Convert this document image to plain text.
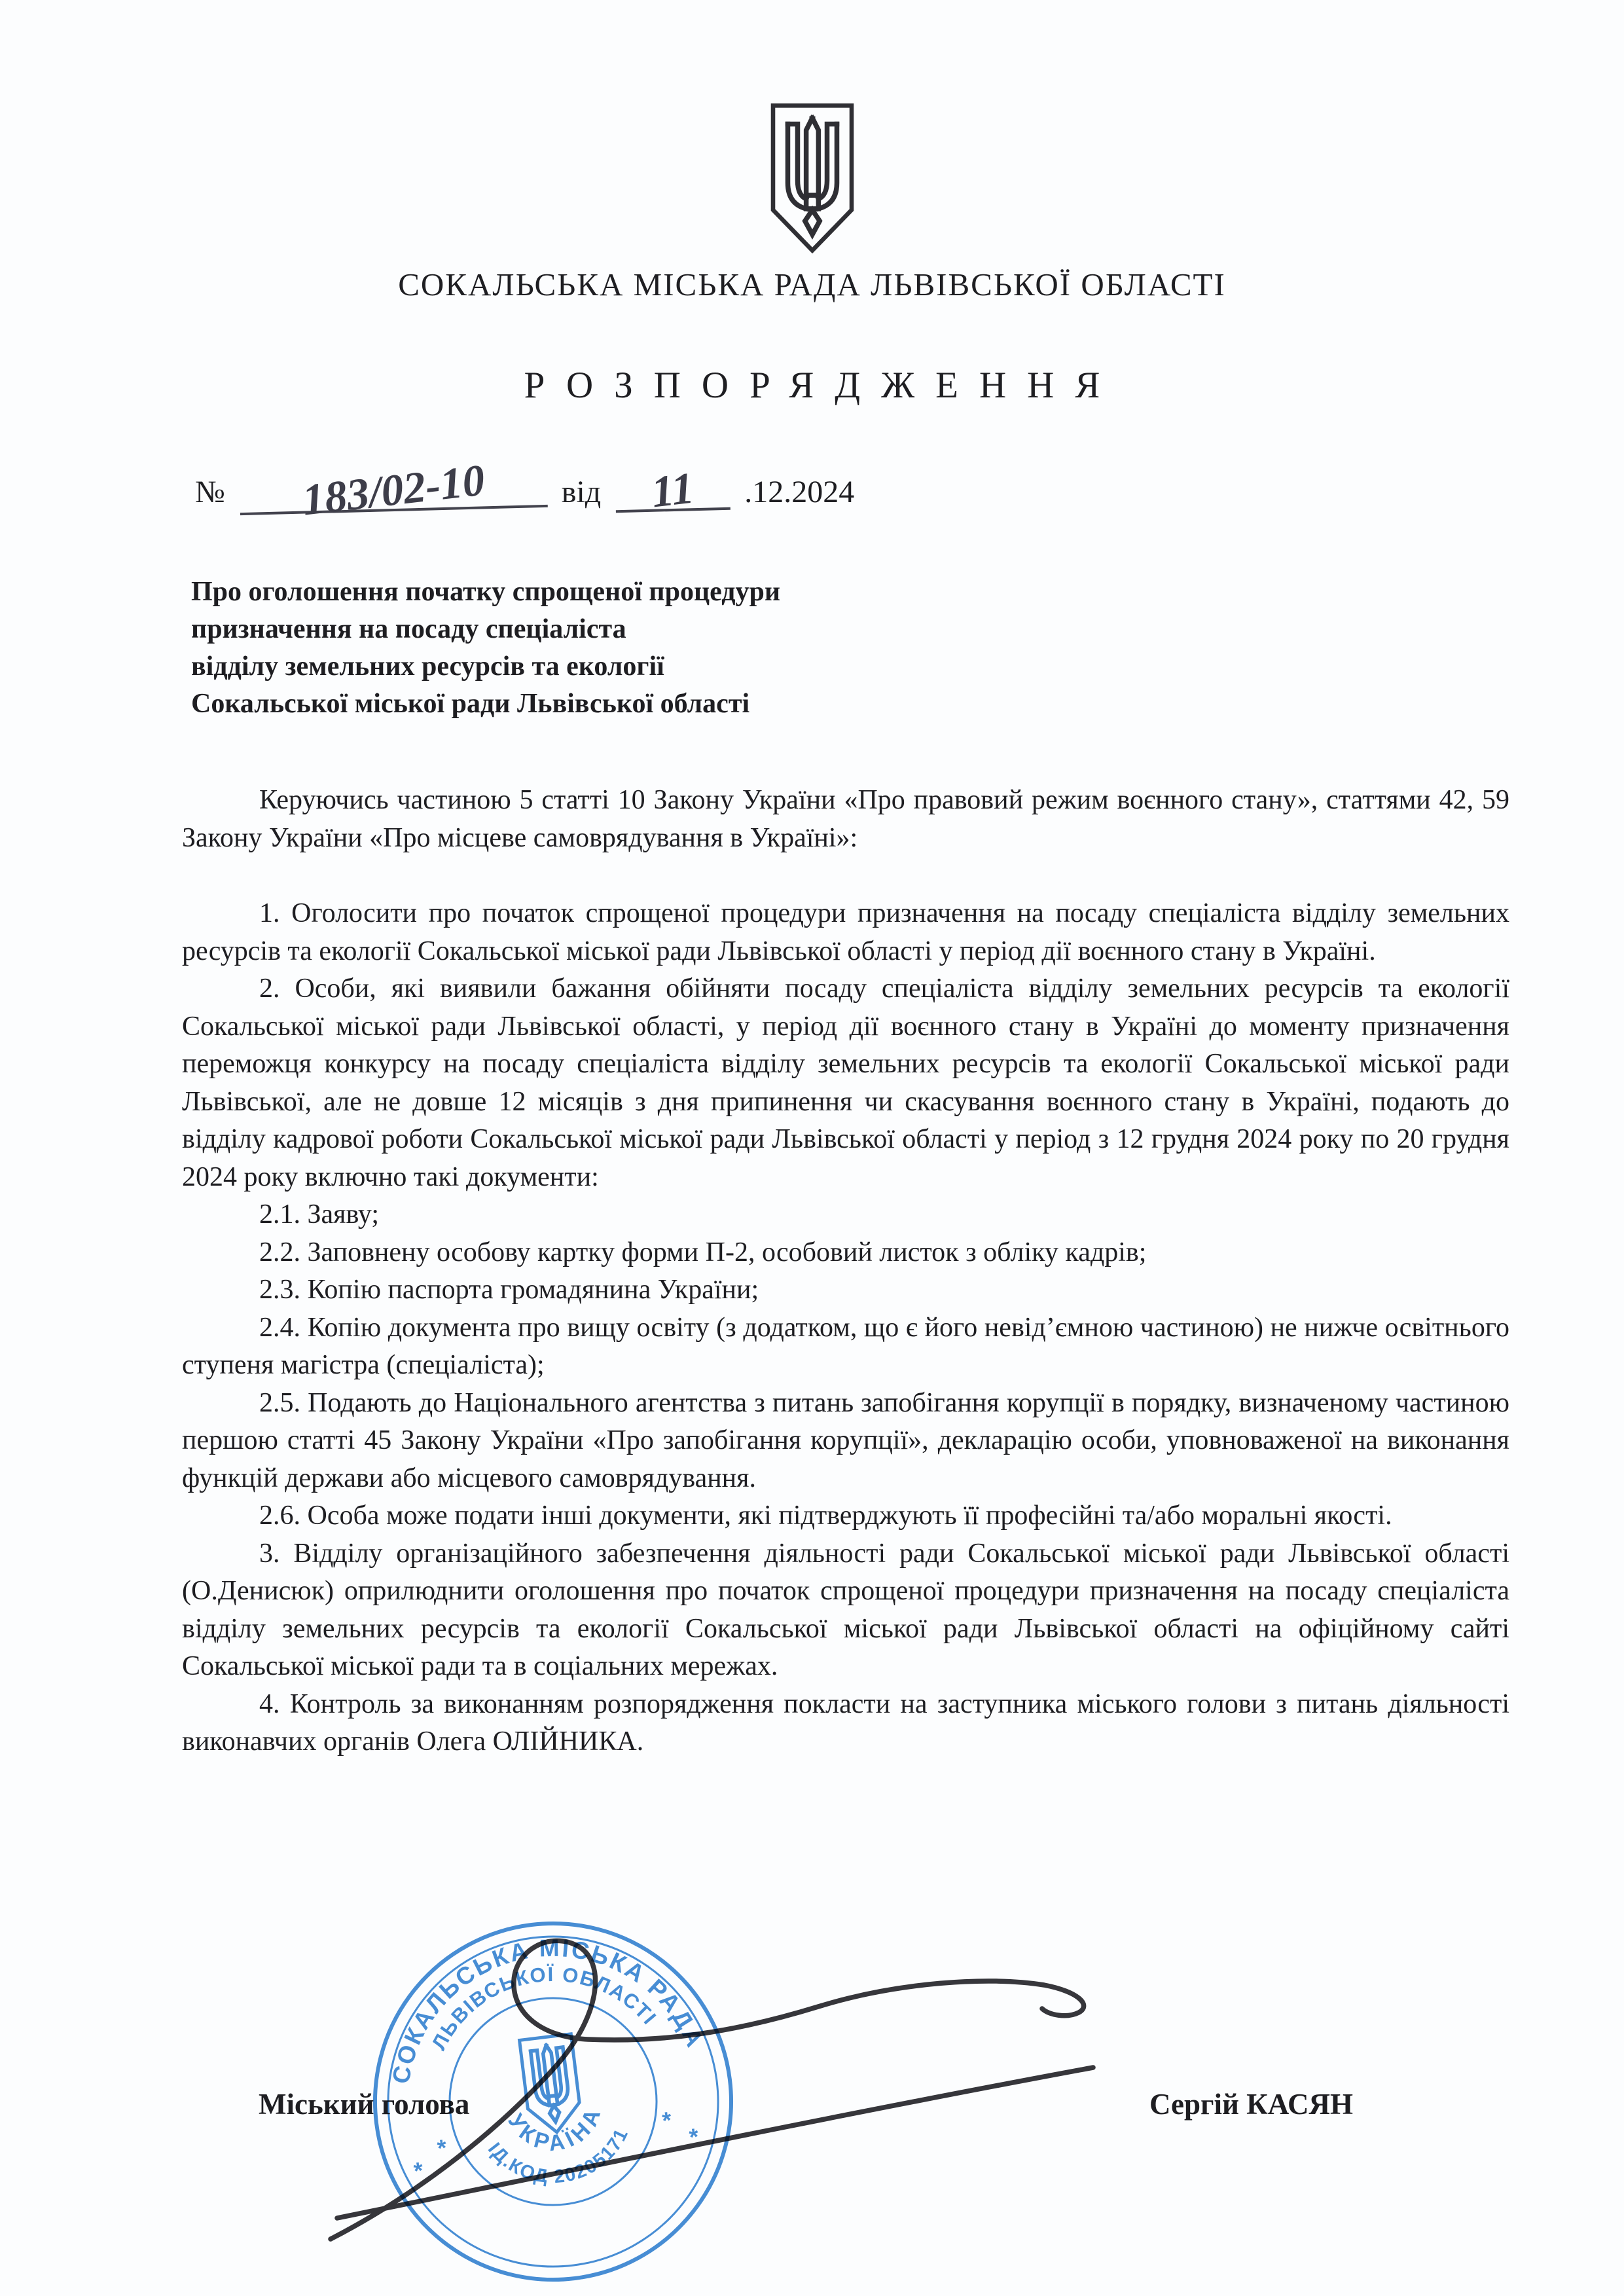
СОКАЛЬСЬКА МІСЬКА РАДА ЛЬВІВСЬКОЇ ОБЛАСТІ
РОЗПОРЯДЖЕННЯ
№ 183/02-10 від 11 .12.2024
Про оголошення початку спрощеної процедури
призначення на посаду спеціаліста
відділу земельних ресурсів та екології
Сокальської міської ради Львівської області

Керуючись частиною 5 статті 10 Закону України «Про правовий режим воєнного стану», статтями 42, 59 Закону України «Про місцеве самоврядування в Україні»:

1. Оголосити про початок спрощеної процедури призначення на посаду спеціаліста відділу земельних ресурсів та екології Сокальської міської ради Львівської області у період дії воєнного стану в Україні.

2. Особи, які виявили бажання обійняти посаду спеціаліста відділу земельних ресурсів та екології Сокальської міської ради Львівської області, у період дії воєнного стану в Україні до моменту призначення переможця конкурсу на посаду спеціаліста відділу земельних ресурсів та екології Сокальської міської ради Львівської, але не довше 12 місяців з дня припинення чи скасування воєнного стану в Україні, подають до відділу кадрової роботи Сокальської міської ради Львівської області у період з 12 грудня 2024 року по 20 грудня 2024 року включно такі документи:

2.1. Заяву;

2.2. Заповнену особову картку форми П-2, особовий листок з обліку кадрів;

2.3. Копію паспорта громадянина України;

2.4. Копію документа про вищу освіту (з додатком, що є його невід’ємною частиною) не нижче освітнього ступеня магістра (спеціаліста);

2.5. Подають до Національного агентства з питань запобігання корупції в порядку, визначеному частиною першою статті 45 Закону України «Про запобігання корупції», декларацію особи, уповноваженої на виконання функцій держави або місцевого самоврядування.

2.6. Особа може подати інші документи, які підтверджують її професійні та/або моральні якості.

3. Відділу організаційного забезпечення діяльності ради Сокальської міської ради Львівської області (О.Денисюк) оприлюднити оголошення про початок спрощеної процедури призначення на посаду спеціаліста відділу земельних ресурсів та екології Сокальської міської ради Львівської області на офіційному сайті Сокальської міської ради та в соціальних мережах.

4. Контроль за виконанням розпорядження покласти на заступника міського голови з питань діяльності виконавчих органів Олега ОЛІЙНИКА.

Міський голова	Сергій КАСЯН
СОКАЛЬСЬКА МІСЬКА РАДА
ЛЬВІВСЬКОЇ ОБЛАСТІ
ІД.КОД 20205171
УКРАЇНА
*
*
*
*
